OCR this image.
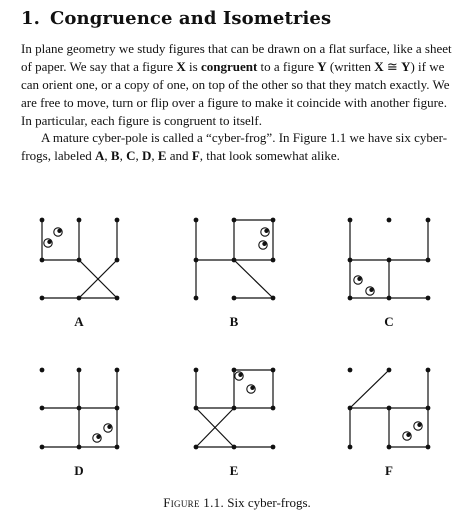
1. Congruence and Isometries

In plane geometry we study figures that can be drawn on a flat surface, like a sheet of paper. We say that a figure X is congruent to a figure Y (written X ≅ Y) if we can orient one, or a copy of one, on top of the other so that they match exactly. We are free to move, turn or flip over a figure to make it coincide with another figure. In particular, each figure is congruent to itself.

A mature cyber-pole is called a “cyber-frog”. In Figure 1.1 we have six cyber-frogs, labeled A, B, C, D, E and F, that look somewhat alike.

A	B	C
D	E	F
Figure 1.1. Six cyber-frogs.
